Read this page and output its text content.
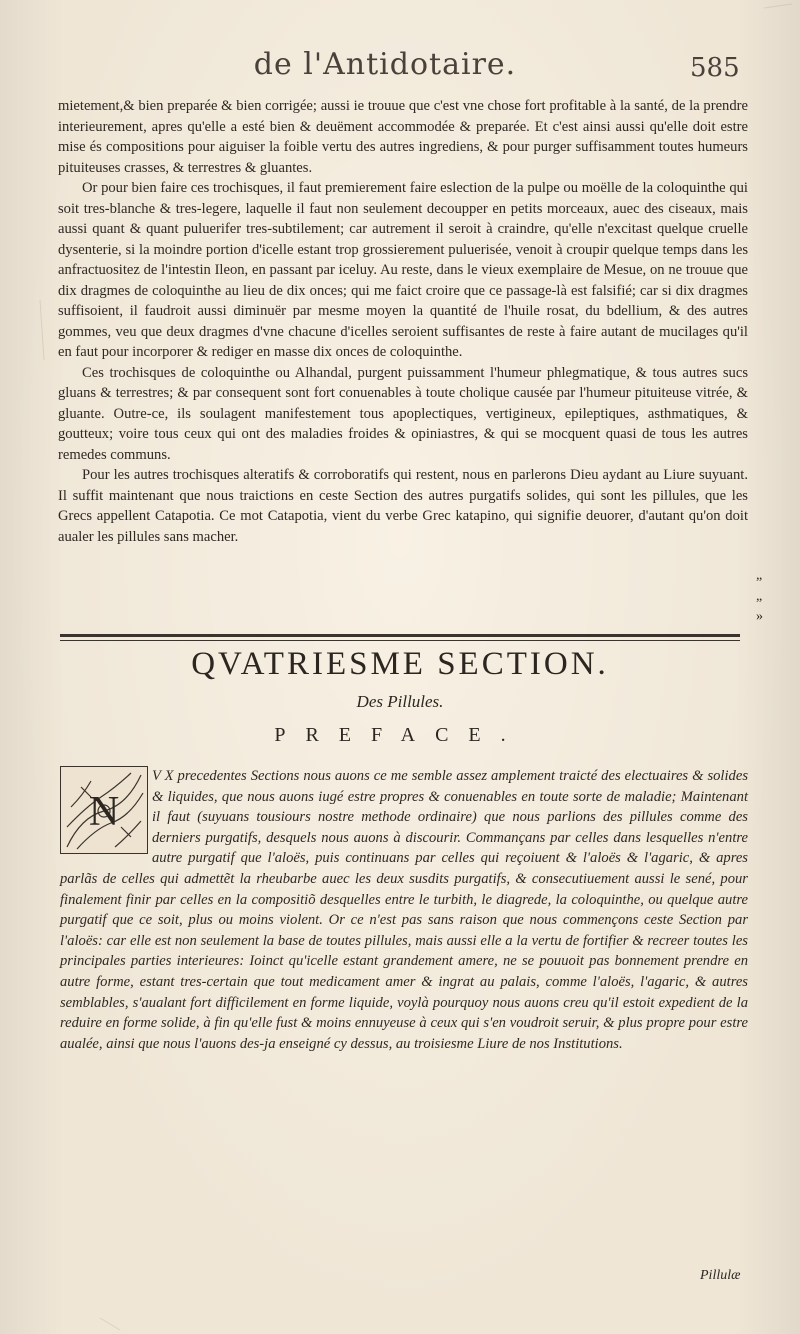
de l'Antidotaire.	585

mietement,& bien preparée & bien corrigée; aussi ie trouue que c'est vne chose fort profitable à la santé, de la prendre interieurement, apres qu'elle a esté bien & deuëment accommodée & preparée. Et c'est ainsi aussi qu'elle doit estre mise és compositions pour aiguiser la foible vertu des autres ingrediens, & pour purger suffisamment toutes humeurs pituiteuses crasses, & terrestres & gluantes.

Or pour bien faire ces trochisques, il faut premierement faire eslection de la pulpe ou moëlle de la coloquinthe qui soit tres-blanche & tres-legere, laquelle il faut non seulement decoupper en petits morceaux, auec des ciseaux, mais aussi quant & quant puluerifer tres-subtilement; car autrement il seroit à craindre, qu'elle n'excitast quelque cruelle dysenterie, si la moindre portion d'icelle estant trop grossierement puluerisée, venoit à croupir quelque temps dans les anfractuositez de l'intestin Ileon, en passant par iceluy. Au reste, dans le vieux exemplaire de Mesue, on ne trouue que dix dragmes de coloquinthe au lieu de dix onces; qui me faict croire que ce passage-là est falsifié; car si dix dragmes suffisoient, il faudroit aussi diminuër par mesme moyen la quantité de l'huile rosat, du bdellium, & des autres gommes, veu que deux dragmes d'vne chacune d'icelles seroient suffisantes de reste à faire autant de mucilages qu'il en faut pour incorporer & rediger en masse dix onces de coloquinthe.

Ces trochisques de coloquinthe ou Alhandal, purgent puissamment l'humeur phlegmatique, & tous autres sucs gluans & terrestres; & par consequent sont fort conuenables à toute cholique causée par l'humeur pituiteuse vitrée, & gluante. Outre-ce, ils soulagent manifestement tous apoplectiques, vertigineux, epileptiques, asthmatiques, & goutteux; voire tous ceux qui ont des maladies froides & opiniastres, & qui se mocquent quasi de tous les autres remedes communs.

Pour les autres trochisques alteratifs & corroboratifs qui restent, nous en parlerons Dieu aydant au Liure suyuant. Il suffit maintenant que nous traictions en ceste Section des autres purgatifs solides, qui sont les pillules, que les Grecs appellent Catapotia. Ce mot Catapotia, vient du verbe Grec katapino, qui signifie deuorer, d'autant qu'on doit aualer les pillules sans macher.

„
„
»
QVATRIESME SECTION.
Des Pillules.
PREFACE.
V X precedentes Sections nous auons ce me semble assez amplement traicté des electuaires & solides & liquides, que nous auons iugé estre propres & conuenables en toute sorte de maladie; Maintenant il faut (suyuans tousiours nostre methode ordinaire) que nous parlions des pillules comme des derniers purgatifs, desquels nous auons à discourir. Commançans par celles dans lesquelles n'entre autre purgatif que l'aloës, puis continuans par celles qui reçoiuent & l'aloës & l'agaric, & apres parlãs de celles qui admettẽt la rheubarbe auec les deux susdits purgatifs, & consecutiuement aussi le sené, pour finalement finir par celles en la compositiõ desquelles entre le turbith, le diagrede, la coloquinthe, ou quelque autre purgatif que ce soit, plus ou moins violent. Or ce n'est pas sans raison que nous commençons ceste Section par l'aloës: car elle est non seulement la base de toutes pillules, mais aussi elle a la vertu de fortifier & recreer toutes les principales parties interieures: Ioinct qu'icelle estant grandement amere, ne se pouuoit pas bonnement prendre en autre forme, estant tres-certain que tout medicament amer & ingrat au palais, comme l'aloës, l'agaric, & autres semblables, s'aualant fort difficilement en forme liquide, voylà pourquoy nous auons creu qu'il estoit expedient de la reduire en forme solide, à fin qu'elle fust & moins ennuyeuse à ceux qui s'en voudroit seruir, & plus propre pour estre aualée, ainsi que nous l'auons des-ja enseigné cy dessus, au troisiesme Liure de nos Institutions.
N
Pillulæ
